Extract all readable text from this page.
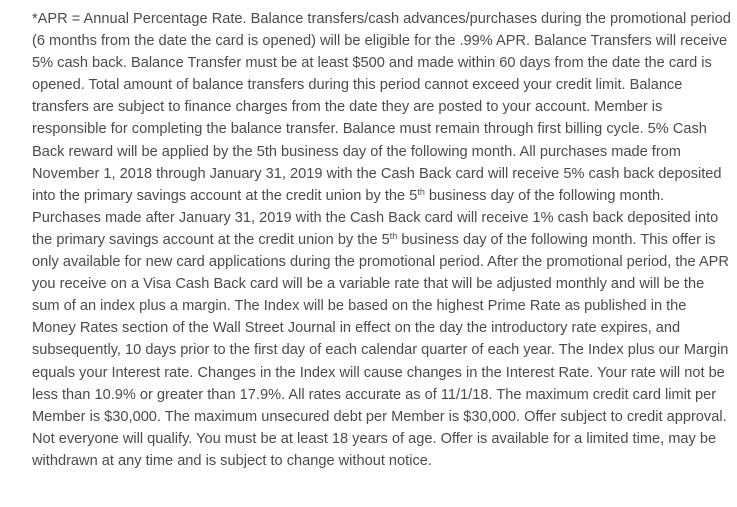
*APR = Annual Percentage Rate. Balance transfers/cash advances/purchases during the promotional period (6 months from the date the card is opened) will be eligible for the .99% APR. Balance Transfers will receive 5% cash back. Balance Transfer must be at least $500 and made within 60 days from the date the card is opened. Total amount of balance transfers during this period cannot exceed your credit limit. Balance transfers are subject to finance charges from the date they are posted to your account. Member is responsible for completing the balance transfer. Balance must remain through first billing cycle. 5% Cash Back reward will be applied by the 5th business day of the following month. All purchases made from November 1, 2018 through January 31, 2019 with the Cash Back card will receive 5% cash back deposited into the primary savings account at the credit union by the 5th business day of the following month. Purchases made after January 31, 2019 with the Cash Back card will receive 1% cash back deposited into the primary savings account at the credit union by the 5th business day of the following month. This offer is only available for new card applications during the promotional period. After the promotional period, the APR you receive on a Visa Cash Back card will be a variable rate that will be adjusted monthly and will be the sum of an index plus a margin. The Index will be based on the highest Prime Rate as published in the Money Rates section of the Wall Street Journal in effect on the day the introductory rate expires, and subsequently, 10 days prior to the first day of each calendar quarter of each year. The Index plus our Margin equals your Interest rate. Changes in the Index will cause changes in the Interest Rate. Your rate will not be less than 10.9% or greater than 17.9%. All rates accurate as of 11/1/18. The maximum credit card limit per Member is $30,000. The maximum unsecured debt per Member is $30,000. Offer subject to credit approval. Not everyone will qualify. You must be at least 18 years of age. Offer is available for a limited time, may be withdrawn at any time and is subject to change without notice.
